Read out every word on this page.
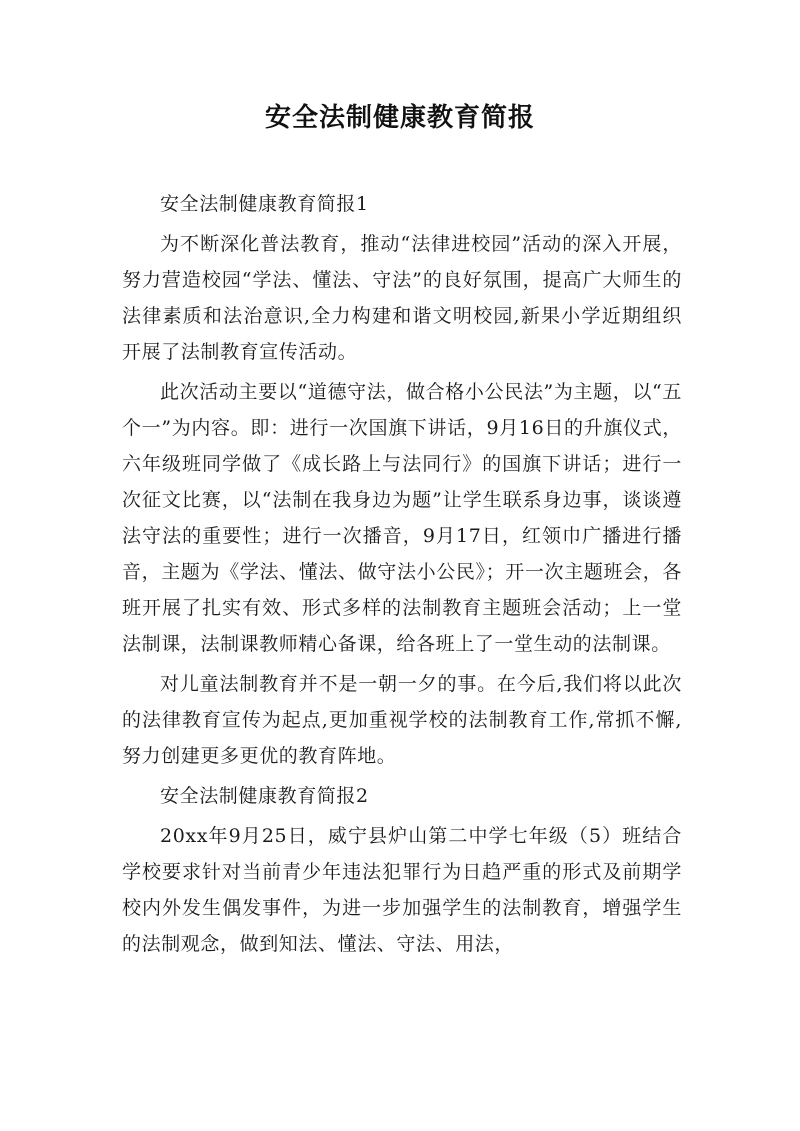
安全法制健康教育简报

安全法制健康教育简报1

为不断深化普法教育，推动“法律进校园”活动的深入开展，努力营造校园“学法、懂法、守法”的良好氛围，提高广大师生的法律素质和法治意识,全力构建和谐文明校园,新果小学近期组织开展了法制教育宣传活动。

此次活动主要以“道德守法，做合格小公民法”为主题，以“五个一”为内容。即：进行一次国旗下讲话，9月16日的升旗仪式，六年级班同学做了《成长路上与法同行》的国旗下讲话；进行一次征文比赛，以“法制在我身边为题”让学生联系身边事，谈谈遵法守法的重要性；进行一次播音，9月17日，红领巾广播进行播音，主题为《学法、懂法、做守法小公民》；开一次主题班会，各班开展了扎实有效、形式多样的法制教育主题班会活动；上一堂法制课，法制课教师精心备课，给各班上了一堂生动的法制课。

对儿童法制教育并不是一朝一夕的事。在今后,我们将以此次的法律教育宣传为起点,更加重视学校的法制教育工作,常抓不懈,努力创建更多更优的教育阵地。

安全法制健康教育简报2

20xx年9月25日，威宁县炉山第二中学七年级（5）班结合学校要求针对当前青少年违法犯罪行为日趋严重的形式及前期学校内外发生偶发事件，为进一步加强学生的法制教育，增强学生的法制观念，做到知法、懂法、守法、用法，
